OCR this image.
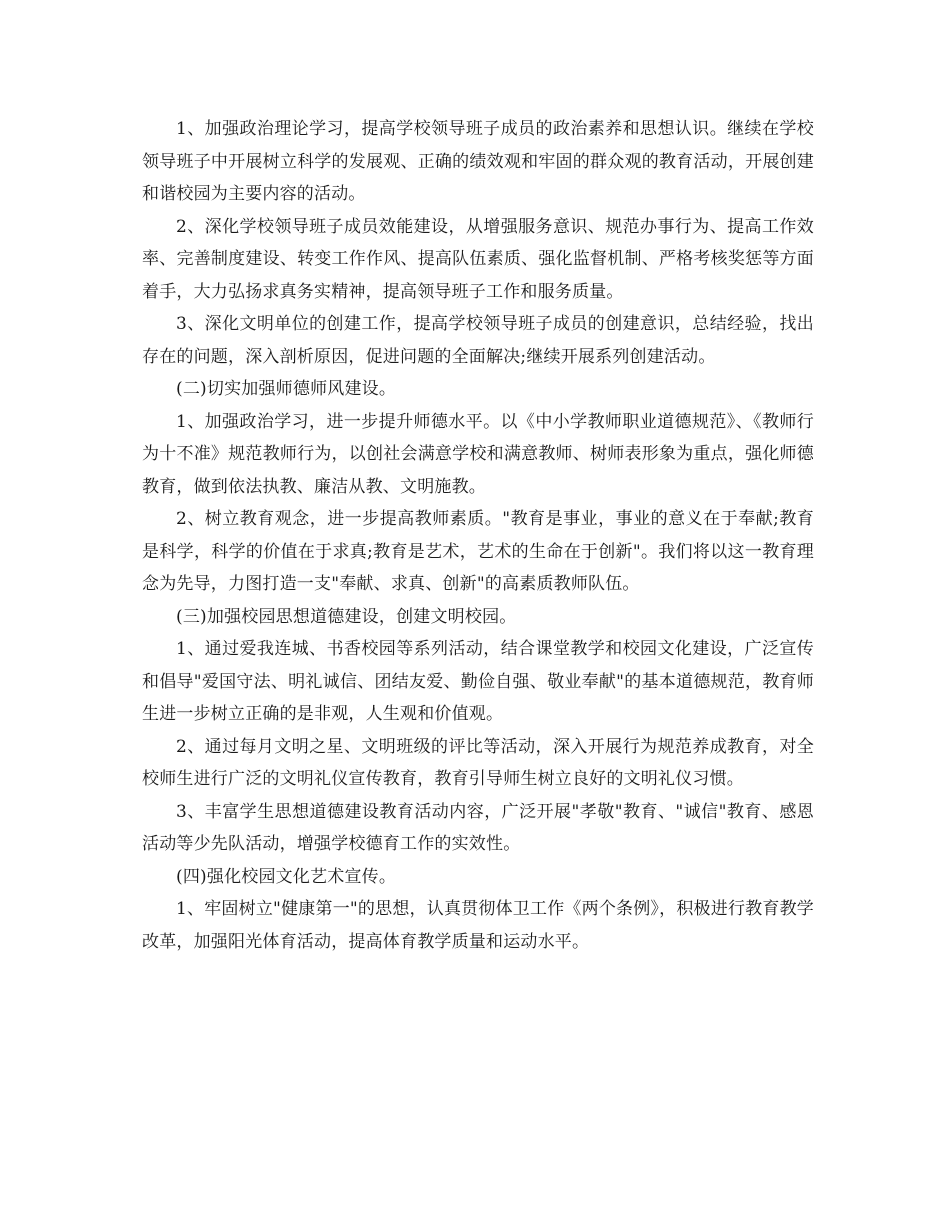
1、加强政治理论学习，提高学校领导班子成员的政治素养和思想认识。继续在学校领导班子中开展树立科学的发展观、正确的绩效观和牢固的群众观的教育活动，开展创建和谐校园为主要内容的活动。

2、深化学校领导班子成员效能建设，从增强服务意识、规范办事行为、提高工作效率、完善制度建设、转变工作作风、提高队伍素质、强化监督机制、严格考核奖惩等方面着手，大力弘扬求真务实精神，提高领导班子工作和服务质量。

3、深化文明单位的创建工作，提高学校领导班子成员的创建意识，总结经验，找出存在的问题，深入剖析原因，促进问题的全面解决;继续开展系列创建活动。

(二)切实加强师德师风建设。

1、加强政治学习，进一步提升师德水平。以《中小学教师职业道德规范》、《教师行为十不准》规范教师行为，以创社会满意学校和满意教师、树师表形象为重点，强化师德教育，做到依法执教、廉洁从教、文明施教。

2、树立教育观念，进一步提高教师素质。"教育是事业，事业的意义在于奉献;教育是科学，科学的价值在于求真;教育是艺术，艺术的生命在于创新"。我们将以这一教育理念为先导，力图打造一支"奉献、求真、创新"的高素质教师队伍。

(三)加强校园思想道德建设，创建文明校园。

1、通过爱我连城、书香校园等系列活动，结合课堂教学和校园文化建设，广泛宣传和倡导"爱国守法、明礼诚信、团结友爱、勤俭自强、敬业奉献"的基本道德规范，教育师生进一步树立正确的是非观，人生观和价值观。

2、通过每月文明之星、文明班级的评比等活动，深入开展行为规范养成教育，对全校师生进行广泛的文明礼仪宣传教育，教育引导师生树立良好的文明礼仪习惯。

3、丰富学生思想道德建设教育活动内容，广泛开展"孝敬"教育、"诚信"教育、感恩活动等少先队活动，增强学校德育工作的实效性。

(四)强化校园文化艺术宣传。

1、牢固树立"健康第一"的思想，认真贯彻体卫工作《两个条例》，积极进行教育教学改革，加强阳光体育活动，提高体育教学质量和运动水平。
